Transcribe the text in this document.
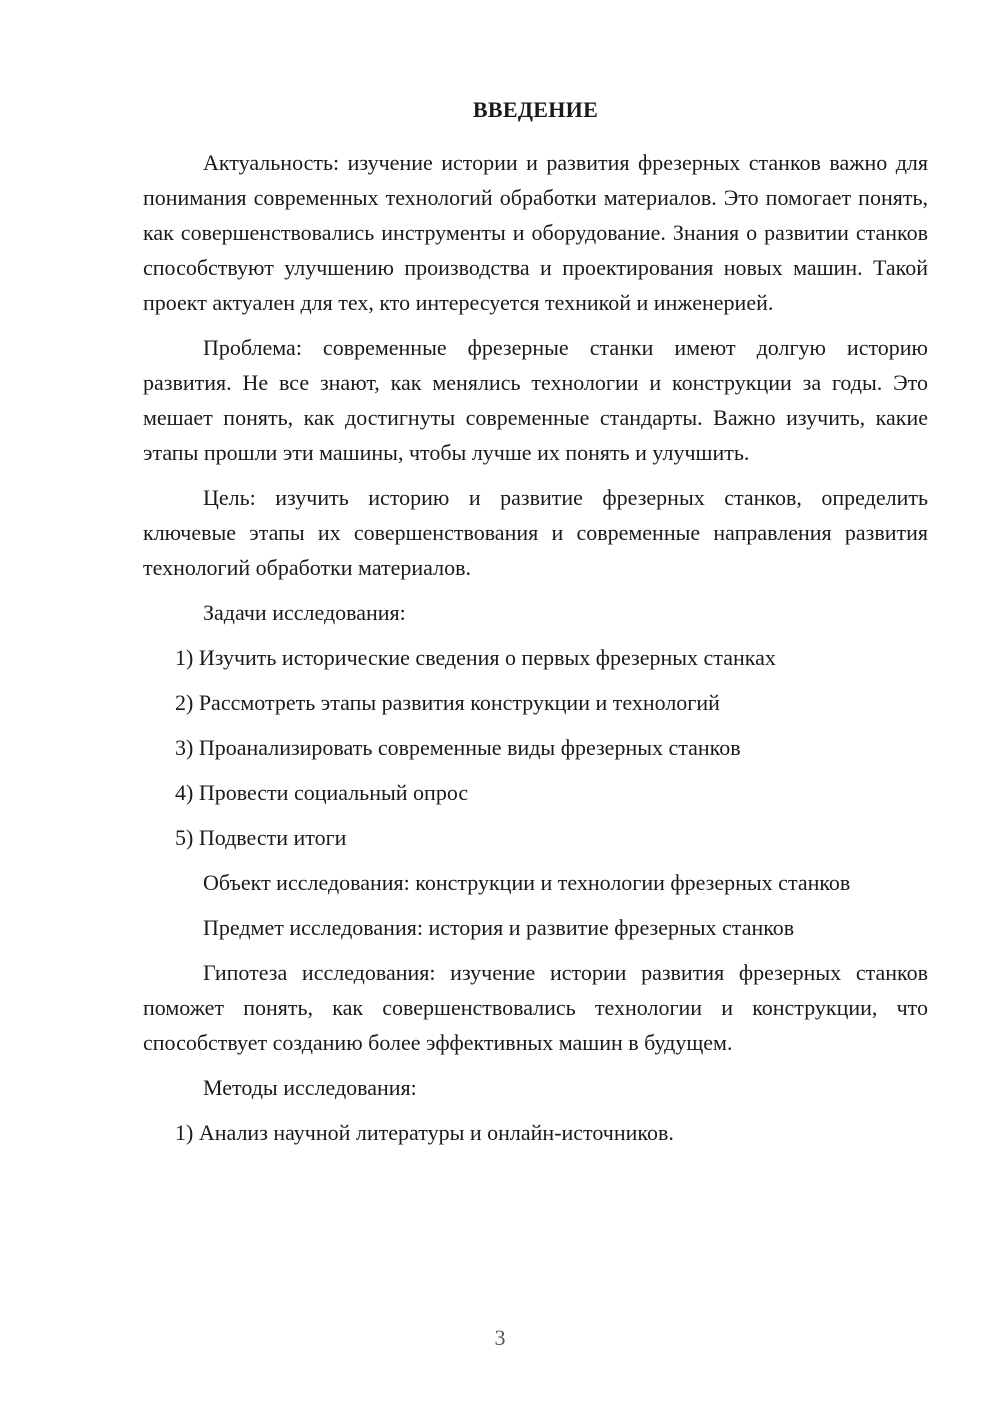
ВВЕДЕНИЕ

Актуальность: изучение истории и развития фрезерных станков важно для понимания современных технологий обработки материалов. Это помогает понять, как совершенствовались инструменты и оборудование. Знания о развитии станков способствуют улучшению производства и проектирования новых машин. Такой проект актуален для тех, кто интересуется техникой и инженерией.

Проблема: современные фрезерные станки имеют долгую историю развития. Не все знают, как менялись технологии и конструкции за годы. Это мешает понять, как достигнуты современные стандарты. Важно изучить, какие этапы прошли эти машины, чтобы лучше их понять и улучшить.

Цель: изучить историю и развитие фрезерных станков, определить ключевые этапы их совершенствования и современные направления развития технологий обработки материалов.

Задачи исследования:

1) Изучить исторические сведения о первых фрезерных станках
2) Рассмотреть этапы развития конструкции и технологий
3) Проанализировать современные виды фрезерных станков
4) Провести социальный опрос
5) Подвести итоги

Объект исследования: конструкции и технологии фрезерных станков

Предмет исследования: история и развитие фрезерных станков

Гипотеза исследования: изучение истории развития фрезерных станков поможет понять, как совершенствовались технологии и конструкции, что способствует созданию более эффективных машин в будущем.

Методы исследования:

1) Анализ научной литературы и онлайн-источников.
3
